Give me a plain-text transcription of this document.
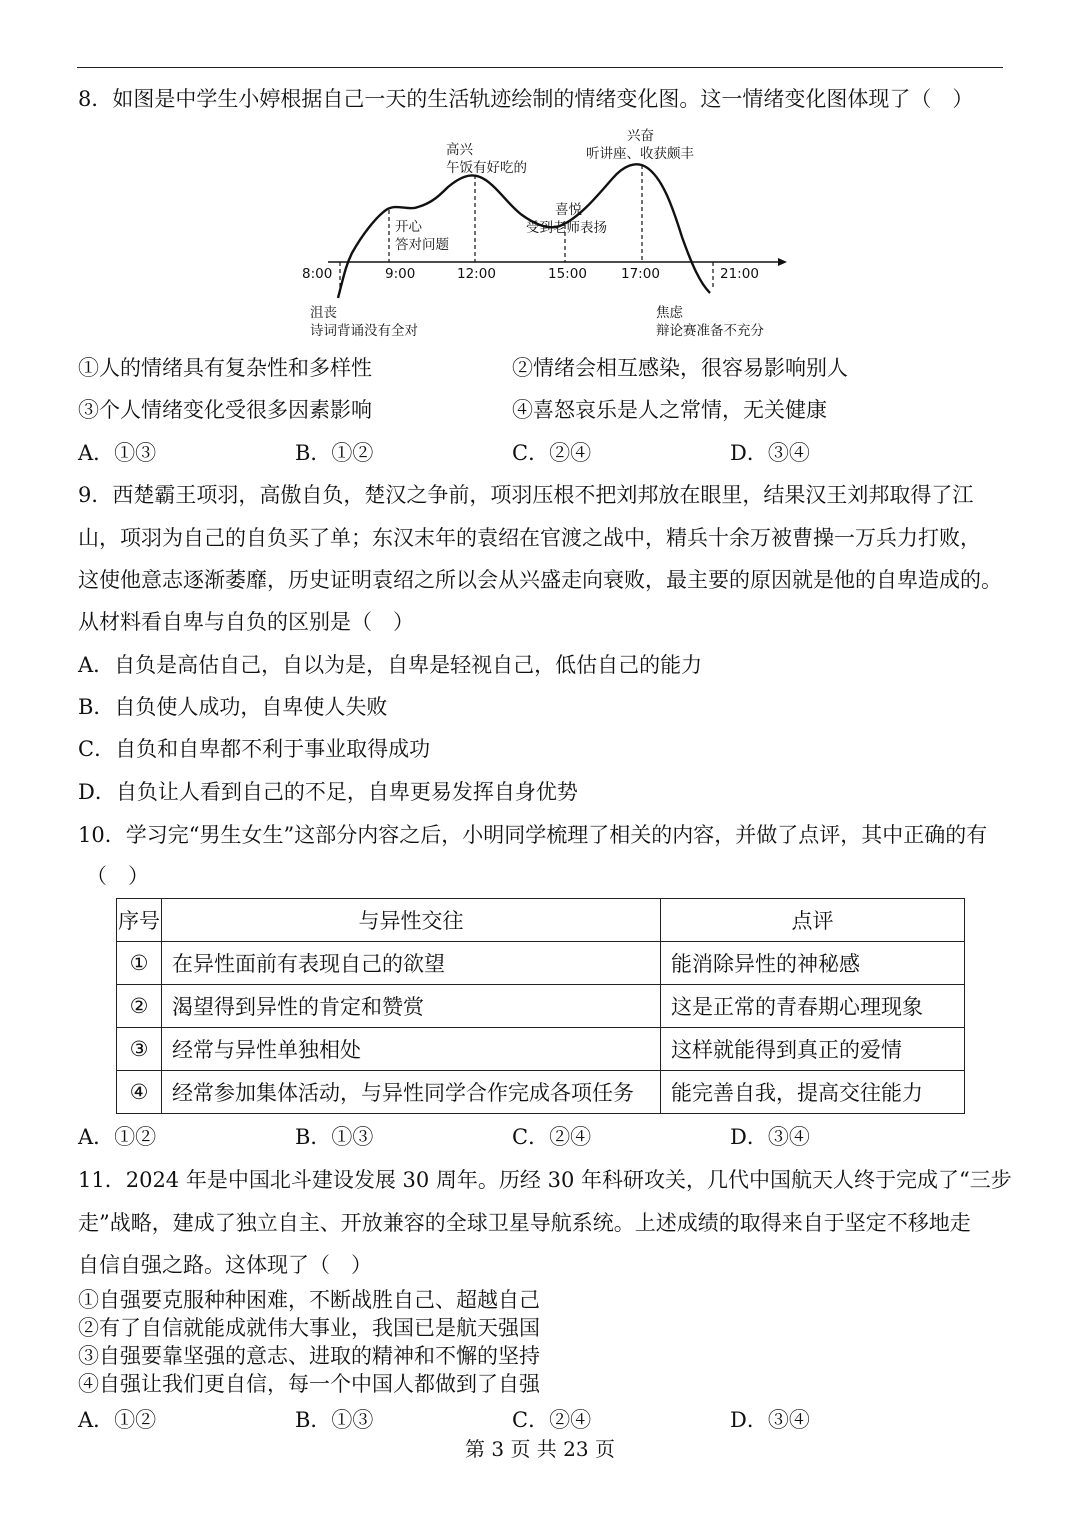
8．如图是中学生小婷根据自己一天的生活轨迹绘制的情绪变化图。这一情绪变化图体现了（　）
8:00	9:00	12:00	15:00	17:00	21:00
沮丧
诗词背诵没有全对
开心
答对问题
高兴
午饭有好吃的
喜悦
受到老师表扬
兴奋
听讲座、收获颇丰
焦虑
辩论赛准备不充分
①人的情绪具有复杂性和多样性	②情绪会相互感染，很容易影响别人
③个人情绪变化受很多因素影响	④喜怒哀乐是人之常情，无关健康
A．①③	B．①②	C．②④	D．③④
9．西楚霸王项羽，高傲自负，楚汉之争前，项羽压根不把刘邦放在眼里，结果汉王刘邦取得了江
山，项羽为自己的自负买了单；东汉末年的袁绍在官渡之战中，精兵十余万被曹操一万兵力打败，
这使他意志逐渐萎靡，历史证明袁绍之所以会从兴盛走向衰败，最主要的原因就是他的自卑造成的。
从材料看自卑与自负的区别是（　）
A．自负是高估自己，自以为是，自卑是轻视自己，低估自己的能力
B．自负使人成功，自卑使人失败
C．自负和自卑都不利于事业取得成功
D．自负让人看到自己的不足，自卑更易发挥自身优势
10．学习完“男生女生”这部分内容之后，小明同学梳理了相关的内容，并做了点评，其中正确的有
（　）
序号	与异性交往	点评
①	在异性面前有表现自己的欲望	能消除异性的神秘感
②	渴望得到异性的肯定和赞赏	这是正常的青春期心理现象
③	经常与异性单独相处	这样就能得到真正的爱情
④	经常参加集体活动，与异性同学合作完成各项任务	能完善自我，提高交往能力
A．①②	B．①③	C．②④	D．③④
11．2024 年是中国北斗建设发展 30 周年。历经 30 年科研攻关，几代中国航天人终于完成了“三步
走”战略，建成了独立自主、开放兼容的全球卫星导航系统。上述成绩的取得来自于坚定不移地走
自信自强之路。这体现了（　）
①自强要克服种种困难，不断战胜自己、超越自己
②有了自信就能成就伟大事业，我国已是航天强国
③自强要靠坚强的意志、进取的精神和不懈的坚持
④自强让我们更自信，每一个中国人都做到了自强
A．①②	B．①③	C．②④	D．③④
第 3 页 共 23 页
